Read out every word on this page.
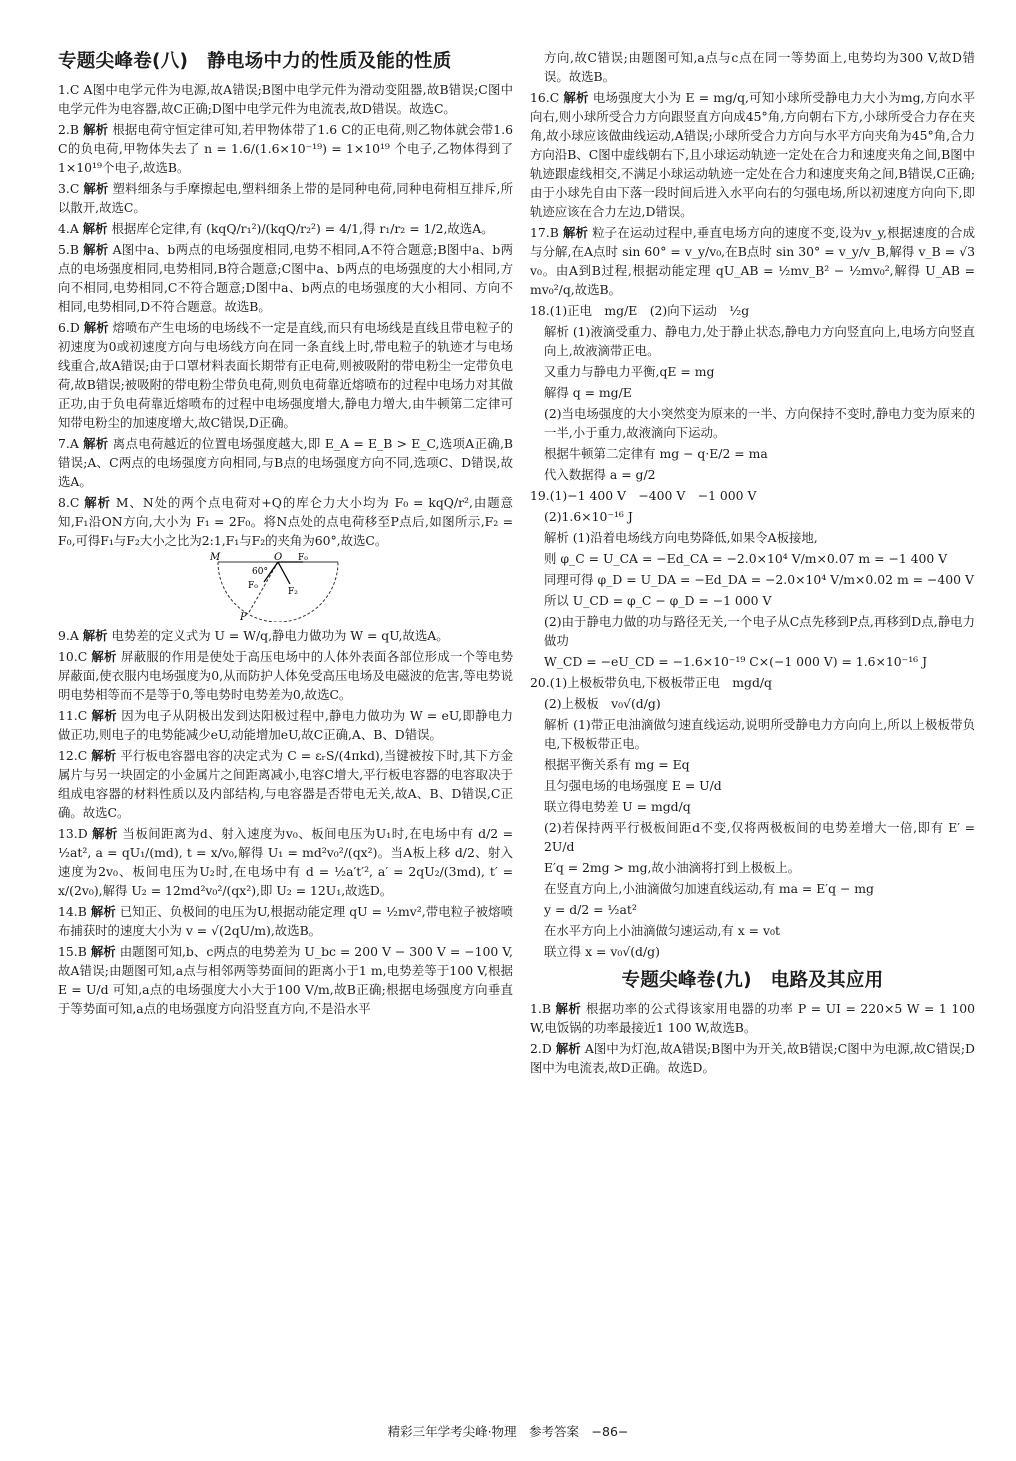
专题尖峰卷(八)　静电场中力的性质及能的性质
1.C A图中电学元件为电源,故A错误;B图中电学元件为滑动变阻器,故B错误;C图中电学元件为电容器,故C正确;D图中电学元件为电流表,故D错误。故选C。
2.B 解析 根据电荷守恒定律可知,若甲物体带了1.6 C的正电荷,则乙物体就会带1.6 C的负电荷,甲物体失去了 n = 1.6/(1.6×10⁻¹⁹) = 1×10¹⁹ 个电子,乙物体得到了1×10¹⁹个电子,故选B。
3.C 解析 塑料细条与手摩擦起电,塑料细条上带的是同种电荷,同种电荷相互排斥,所以散开,故选C。
4.A 解析 根据库仑定律,有 (kqQ/r₁²)/(kqQ/r₂²) = 4/1,得 r₁/r₂ = 1/2,故选A。
5.B 解析 A图中a、b两点的电场强度相同,电势不相同,A不符合题意;B图中a、b两点的电场强度相同,电势相同,B符合题意;C图中a、b两点的电场强度的大小相同,方向不相同,电势相同,C不符合题意;D图中a、b两点的电场强度的大小相同、方向不相同,电势相同,D不符合题意。故选B。
6.D 解析 熔喷布产生电场的电场线不一定是直线,而只有电场线是直线且带电粒子的初速度为0或初速度方向与电场线方向在同一条直线上时,带电粒子的轨迹才与电场线重合,故A错误;由于口罩材料表面长期带有正电荷,则被吸附的带电粉尘一定带负电荷,故B错误;被吸附的带电粉尘带负电荷,则负电荷靠近熔喷布的过程中电场力对其做正功,由于负电荷靠近熔喷布的过程中电场强度增大,静电力增大,由牛顿第二定律可知带电粉尘的加速度增大,故C错误,D正确。
7.A 解析 离点电荷越近的位置电场强度越大,即 E_A = E_B > E_C,选项A正确,B错误;A、C两点的电场强度方向相同,与B点的电场强度方向不同,选项C、D错误,故选A。
8.C 解析 M、N处的两个点电荷对+Q的库仑力大小均为 F₀ = kqQ/r²,由题意知,F₁沿ON方向,大小为 F₁ = 2F₀。将N点处的点电荷移至P点后,如图所示,F₂ = F₀,可得F₁与F₂大小之比为2:1,F₁与F₂的夹角为60°,故选C。
M	O F₀
60°
F₀
F₂
P
9.A 解析 电势差的定义式为 U = W/q,静电力做功为 W = qU,故选A。
10.C 解析 屏蔽服的作用是使处于高压电场中的人体外表面各部位形成一个等电势屏蔽面,使衣服内电场强度为0,从而防护人体免受高压电场及电磁波的危害,等电势说明电势相等而不是等于0,等电势时电势差为0,故选C。
11.C 解析 因为电子从阴极出发到达阳极过程中,静电力做功为 W = eU,即静电力做正功,则电子的电势能减少eU,动能增加eU,故C正确,A、B、D错误。
12.C 解析 平行板电容器电容的决定式为 C = εᵣS/(4πkd),当键被按下时,其下方金属片与另一块固定的小金属片之间距离减小,电容C增大,平行板电容器的电容取决于组成电容器的材料性质以及内部结构,与电容器是否带电无关,故A、B、D错误,C正确。故选C。
13.D 解析 当板间距离为d、射入速度为v₀、板间电压为U₁时,在电场中有 d/2 = ½at², a = qU₁/(md), t = x/v₀,解得 U₁ = md²v₀²/(qx²)。当A板上移 d/2、射入速度为2v₀、板间电压为U₂时,在电场中有 d = ½a′t′², a′ = 2qU₂/(3md), t′ = x/(2v₀),解得 U₂ = 12md²v₀²/(qx²),即 U₂ = 12U₁,故选D。
14.B 解析 已知正、负极间的电压为U,根据动能定理 qU = ½mv²,带电粒子被熔喷布捕获时的速度大小为 v = √(2qU/m),故选B。
15.B 解析 由题图可知,b、c两点的电势差为 U_bc = 200 V − 300 V = −100 V,故A错误;由题图可知,a点与相邻两等势面间的距离小于1 m,电势差等于100 V,根据 E = U/d 可知,a点的电场强度大小大于100 V/m,故B正确;根据电场强度方向垂直于等势面可知,a点的电场强度方向沿竖直方向,不是沿水平
方向,故C错误;由题图可知,a点与c点在同一等势面上,电势均为300 V,故D错误。故选B。
16.C 解析 电场强度大小为 E = mg/q,可知小球所受静电力大小为mg,方向水平向右,则小球所受合力方向跟竖直方向成45°角,方向朝右下方,小球所受合力存在夹角,故小球应该做曲线运动,A错误;小球所受合力方向与水平方向夹角为45°角,合力方向沿B、C图中虚线朝右下,且小球运动轨迹一定处在合力和速度夹角之间,B图中轨迹跟虚线相交,不满足小球运动轨迹一定处在合力和速度夹角之间,B错误,C正确;由于小球先自由下落一段时间后进入水平向右的匀强电场,所以初速度方向向下,即轨迹应该在合力左边,D错误。
17.B 解析 粒子在运动过程中,垂直电场方向的速度不变,设为v_y,根据速度的合成与分解,在A点时 sin 60° = v_y/v₀,在B点时 sin 30° = v_y/v_B,解得 v_B = √3 v₀。由A到B过程,根据动能定理 qU_AB = ½mv_B² − ½mv₀²,解得 U_AB = mv₀²/q,故选B。
18.(1)正电　mg/E　(2)向下运动　½g
解析 (1)液滴受重力、静电力,处于静止状态,静电力方向竖直向上,电场方向竖直向上,故液滴带正电。
又重力与静电力平衡,qE = mg
解得 q = mg/E
(2)当电场强度的大小突然变为原来的一半、方向保持不变时,静电力变为原来的一半,小于重力,故液滴向下运动。
根据牛顿第二定律有 mg − q·E/2 = ma
代入数据得 a = g/2
19.(1)−1 400 V　−400 V　−1 000 V
(2)1.6×10⁻¹⁶ J
解析 (1)沿着电场线方向电势降低,如果令A板接地,
则 φ_C = U_CA = −Ed_CA = −2.0×10⁴ V/m×0.07 m = −1 400 V
同理可得 φ_D = U_DA = −Ed_DA = −2.0×10⁴ V/m×0.02 m = −400 V
所以 U_CD = φ_C − φ_D = −1 000 V
(2)由于静电力做的功与路径无关,一个电子从C点先移到P点,再移到D点,静电力做功
W_CD = −eU_CD = −1.6×10⁻¹⁹ C×(−1 000 V) = 1.6×10⁻¹⁶ J
20.(1)上极板带负电,下极板带正电　mgd/q
(2)上极板　v₀√(d/g)
解析 (1)带正电油滴做匀速直线运动,说明所受静电力方向向上,所以上极板带负电,下极板带正电。
根据平衡关系有 mg = Eq
且匀强电场的电场强度 E = U/d
联立得电势差 U = mgd/q
(2)若保持两平行极板间距d不变,仅将两极板间的电势差增大一倍,即有 E′ = 2U/d
E′q = 2mg > mg,故小油滴将打到上极板上。
在竖直方向上,小油滴做匀加速直线运动,有 ma = E′q − mg
y = d/2 = ½at²
在水平方向上小油滴做匀速运动,有 x = v₀t
联立得 x = v₀√(d/g)
专题尖峰卷(九)　电路及其应用
1.B 解析 根据功率的公式得该家用电器的功率 P = UI = 220×5 W = 1 100 W,电饭锅的功率最接近1 100 W,故选B。
2.D 解析 A图中为灯泡,故A错误;B图中为开关,故B错误;C图中为电源,故C错误;D图中为电流表,故D正确。故选D。
精彩三年学考尖峰·物理　参考答案　−86−
